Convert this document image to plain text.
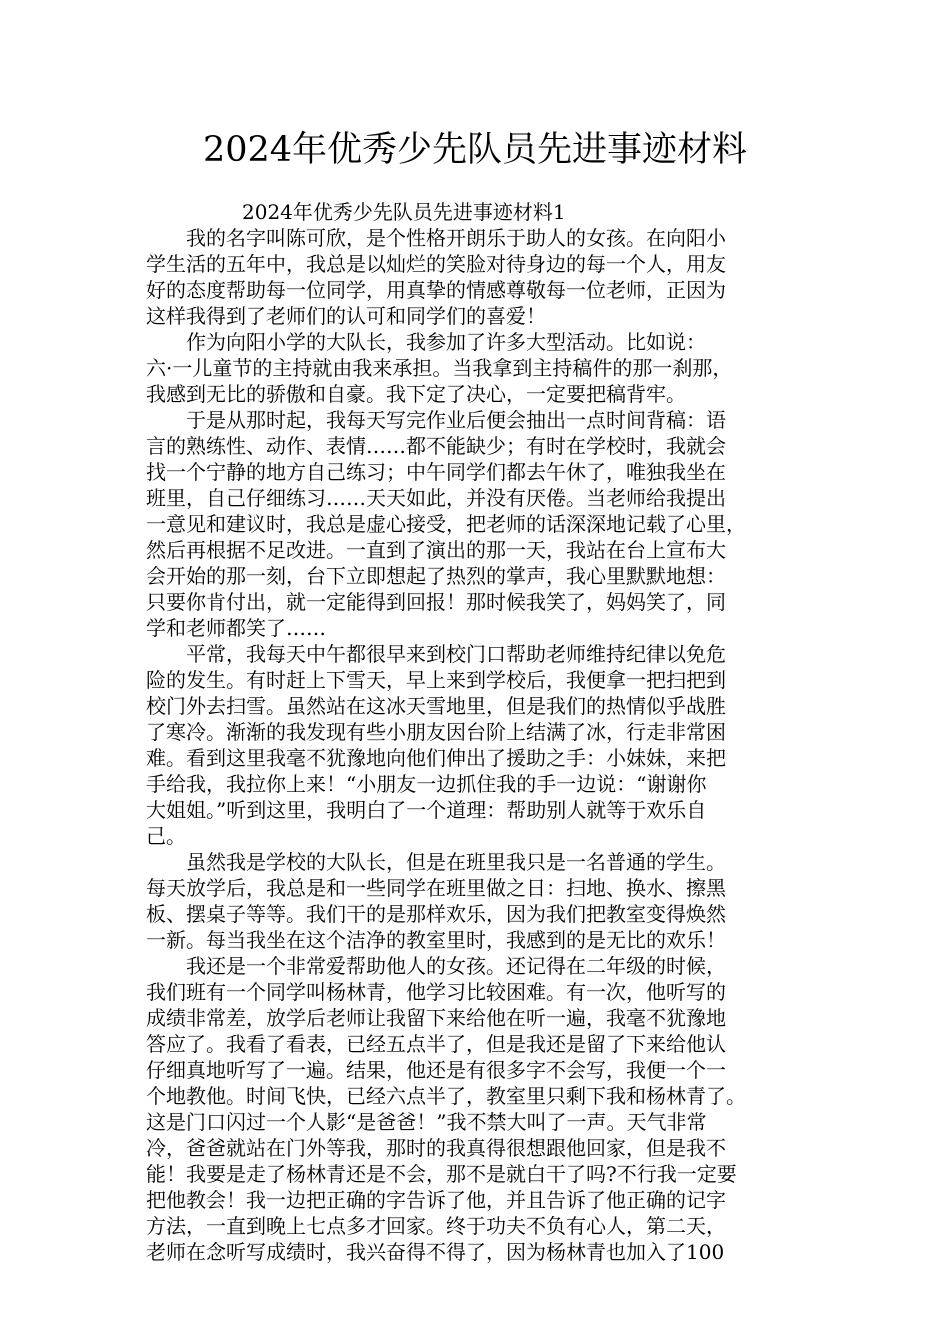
2024年优秀少先队员先进事迹材料
2024年优秀少先队员先进事迹材料1
　　我的名字叫陈可欣，是个性格开朗乐于助人的女孩。在向阳小
学生活的五年中，我总是以灿烂的笑脸对待身边的每一个人，用友
好的态度帮助每一位同学，用真挚的情感尊敬每一位老师，正因为
这样我得到了老师们的认可和同学们的喜爱！
　　作为向阳小学的大队长，我参加了许多大型活动。比如说：
六·一儿童节的主持就由我来承担。当我拿到主持稿件的那一刹那，
我感到无比的骄傲和自豪。我下定了决心，一定要把稿背牢。
　　于是从那时起，我每天写完作业后便会抽出一点时间背稿：语
言的熟练性、动作、表情……都不能缺少；有时在学校时，我就会
找一个宁静的地方自己练习；中午同学们都去午休了，唯独我坐在
班里，自己仔细练习……天天如此，并没有厌倦。当老师给我提出
一意见和建议时，我总是虚心接受，把老师的话深深地记载了心里，
然后再根据不足改进。一直到了演出的那一天，我站在台上宣布大
会开始的那一刻，台下立即想起了热烈的掌声，我心里默默地想：
只要你肯付出，就一定能得到回报！那时候我笑了，妈妈笑了，同
学和老师都笑了……
　　平常，我每天中午都很早来到校门口帮助老师维持纪律以免危
险的发生。有时赶上下雪天，早上来到学校后，我便拿一把扫把到
校门外去扫雪。虽然站在这冰天雪地里，但是我们的热情似乎战胜
了寒冷。渐渐的我发现有些小朋友因台阶上结满了冰，行走非常困
难。看到这里我毫不犹豫地向他们伸出了援助之手：小妹妹，来把
手给我，我拉你上来！“小朋友一边抓住我的手一边说：“谢谢你
大姐姐。”听到这里，我明白了一个道理：帮助别人就等于欢乐自
己。
　　虽然我是学校的大队长，但是在班里我只是一名普通的学生。
每天放学后，我总是和一些同学在班里做之日：扫地、换水、擦黑
板、摆桌子等等。我们干的是那样欢乐，因为我们把教室变得焕然
一新。每当我坐在这个洁净的教室里时，我感到的是无比的欢乐！
　　我还是一个非常爱帮助他人的女孩。还记得在二年级的时候，
我们班有一个同学叫杨林青，他学习比较困难。有一次，他听写的
成绩非常差，放学后老师让我留下来给他在听一遍，我毫不犹豫地
答应了。我看了看表，已经五点半了，但是我还是留了下来给他认
仔细真地听写了一遍。结果，他还是有很多字不会写，我便一个一
个地教他。时间飞快，已经六点半了，教室里只剩下我和杨林青了。
这是门口闪过一个人影“是爸爸！”我不禁大叫了一声。天气非常
冷，爸爸就站在门外等我，那时的我真得很想跟他回家，但是我不
能！我要是走了杨林青还是不会，那不是就白干了吗?不行我一定要
把他教会！我一边把正确的字告诉了他，并且告诉了他正确的记字
方法，一直到晚上七点多才回家。终于功夫不负有心人，第二天，
老师在念听写成绩时，我兴奋得不得了，因为杨林青也加入了100
